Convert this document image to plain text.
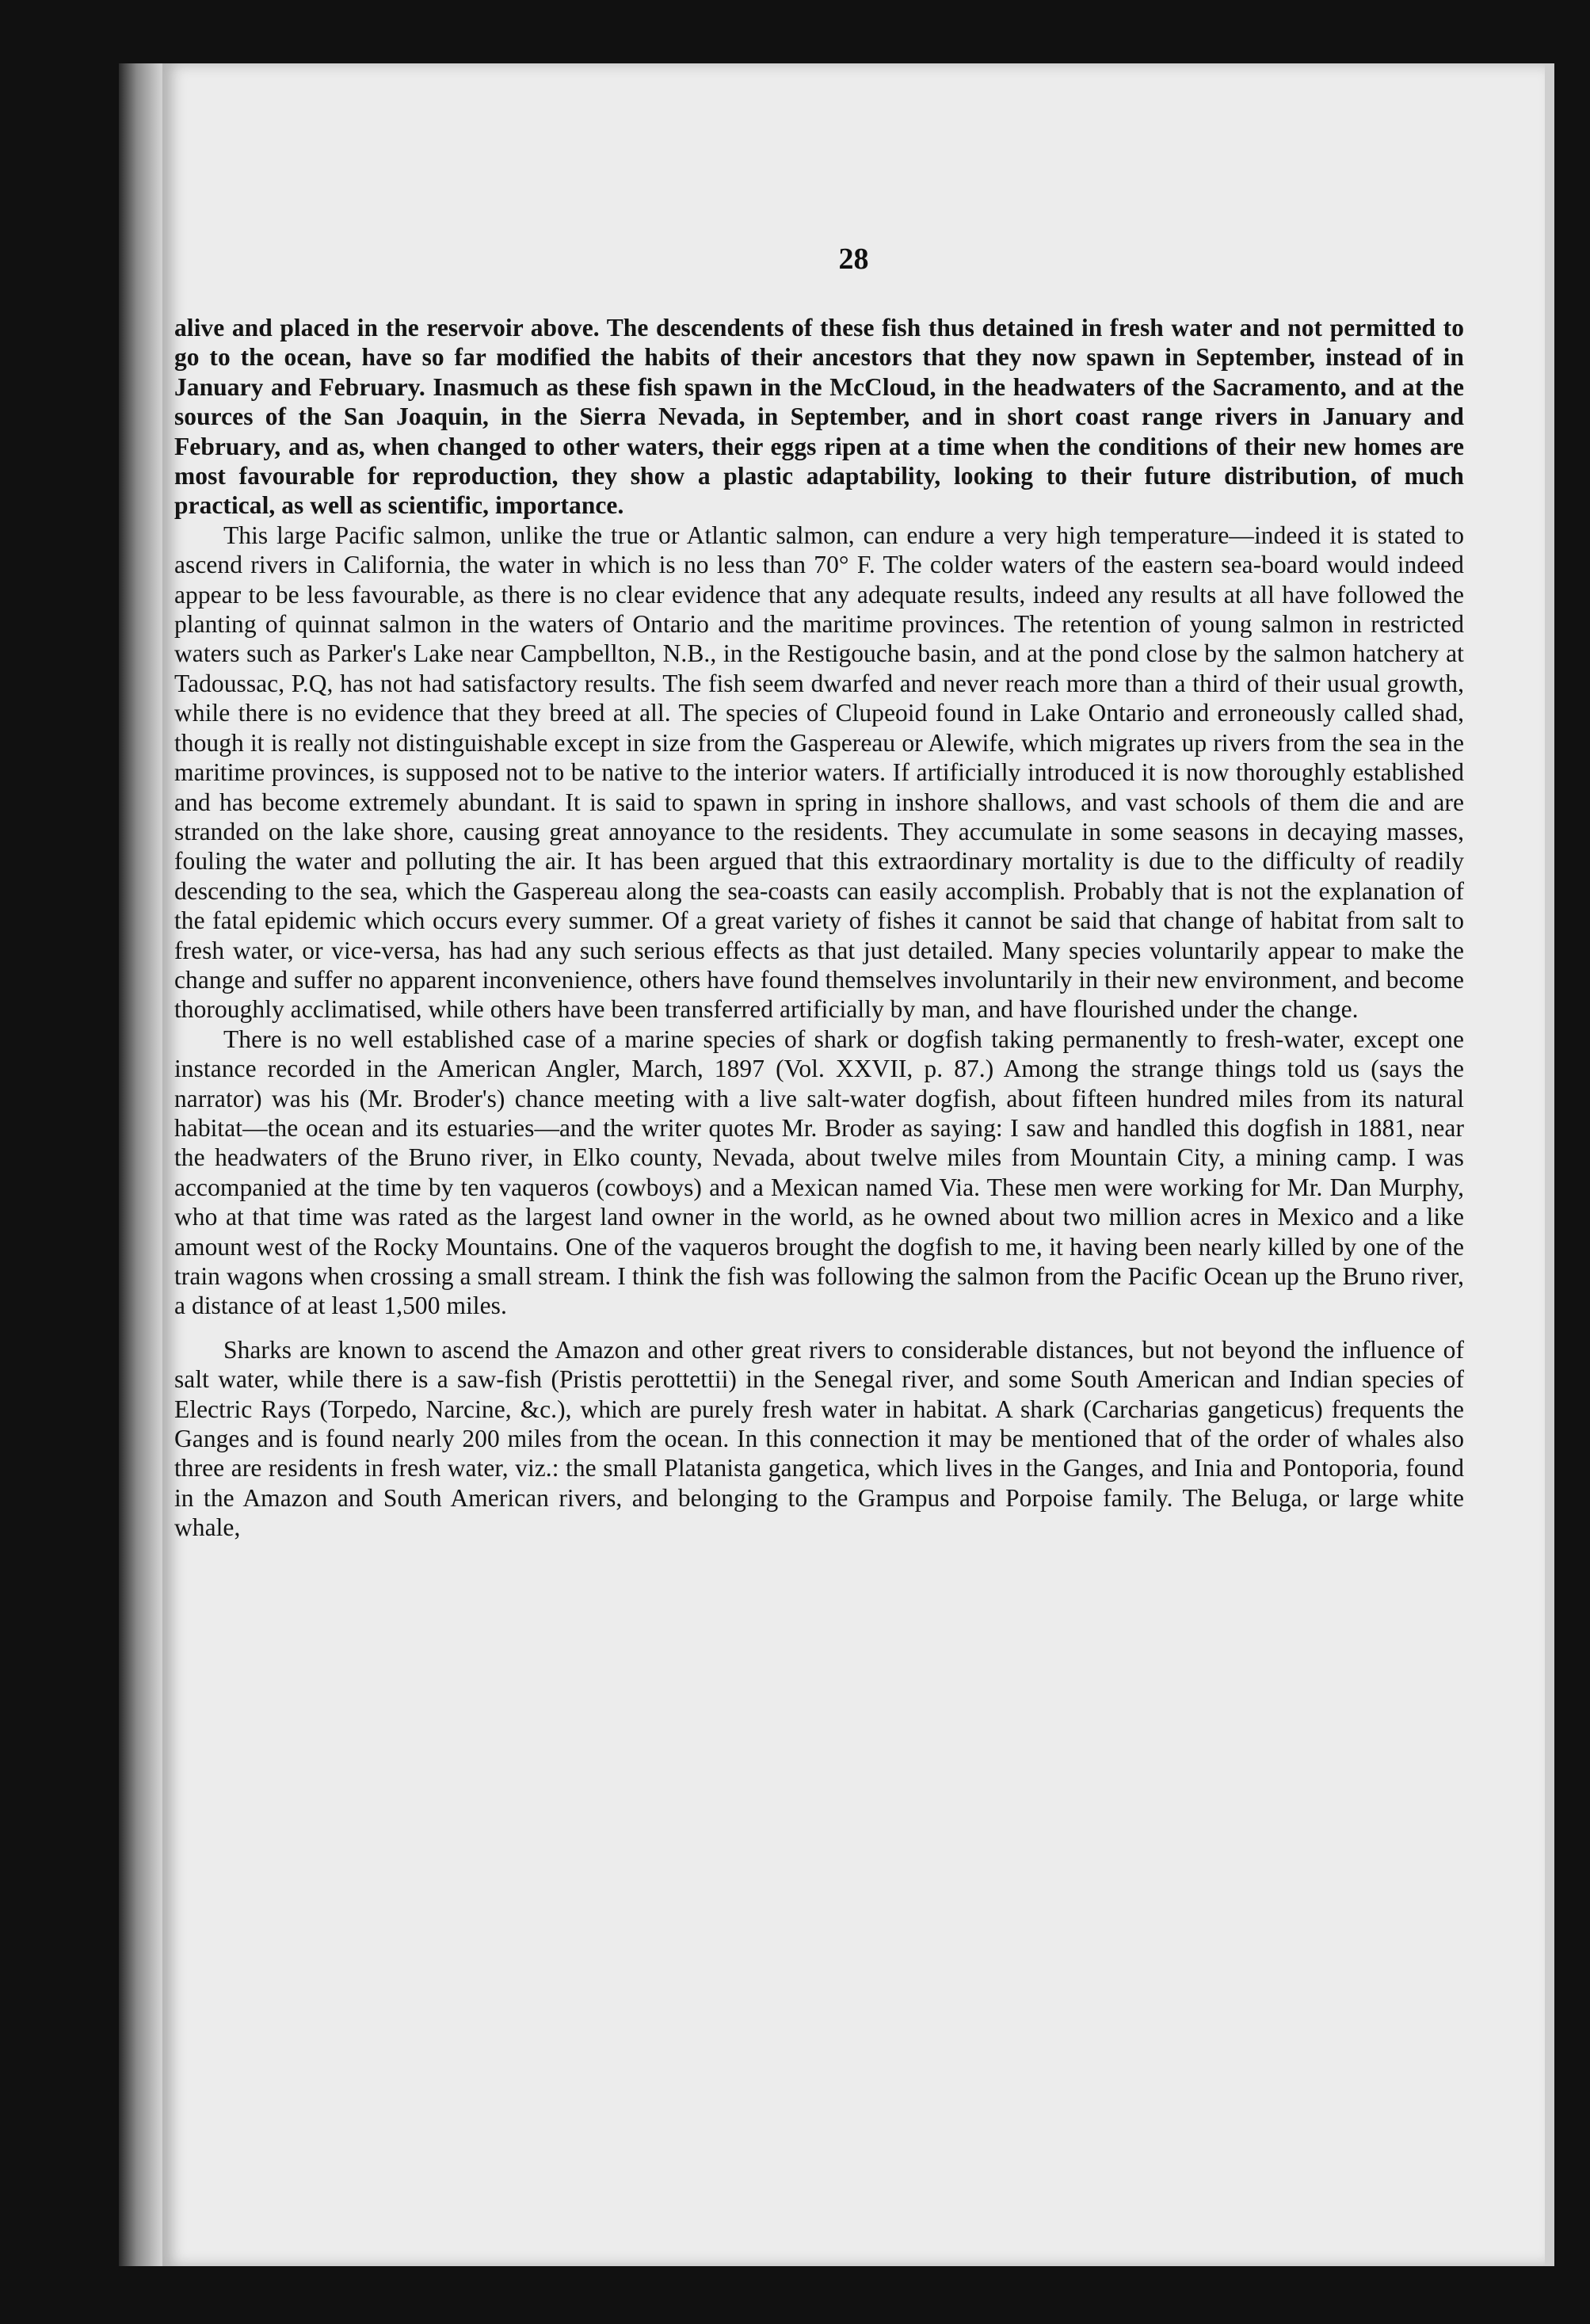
28

alive and placed in the reservoir above. The descendents of these fish thus detained in fresh water and not permitted to go to the ocean, have so far modified the habits of their ancestors that they now spawn in September, instead of in January and February. Inasmuch as these fish spawn in the McCloud, in the headwaters of the Sacramento, and at the sources of the San Joaquin, in the Sierra Nevada, in September, and in short coast range rivers in January and February, and as, when changed to other waters, their eggs ripen at a time when the conditions of their new homes are most favourable for reproduction, they show a plastic adaptability, looking to their future distribution, of much practical, as well as scientific, importance.

This large Pacific salmon, unlike the true or Atlantic salmon, can endure a very high temperature—indeed it is stated to ascend rivers in California, the water in which is no less than 70° F. The colder waters of the eastern sea-board would indeed appear to be less favourable, as there is no clear evidence that any adequate results, indeed any results at all have followed the planting of quinnat salmon in the waters of Ontario and the maritime provinces. The retention of young salmon in restricted waters such as Parker's Lake near Campbellton, N.B., in the Restigouche basin, and at the pond close by the salmon hatchery at Tadoussac, P.Q, has not had satisfactory results. The fish seem dwarfed and never reach more than a third of their usual growth, while there is no evidence that they breed at all. The species of Clupeoid found in Lake Ontario and erroneously called shad, though it is really not distinguishable except in size from the Gaspereau or Alewife, which migrates up rivers from the sea in the maritime provinces, is supposed not to be native to the interior waters. If artificially introduced it is now thoroughly established and has become extremely abundant. It is said to spawn in spring in inshore shallows, and vast schools of them die and are stranded on the lake shore, causing great annoyance to the residents. They accumulate in some seasons in decaying masses, fouling the water and polluting the air. It has been argued that this extraordinary mortality is due to the difficulty of readily descending to the sea, which the Gaspereau along the sea-coasts can easily accomplish. Probably that is not the explanation of the fatal epidemic which occurs every summer. Of a great variety of fishes it cannot be said that change of habitat from salt to fresh water, or vice-versa, has had any such serious effects as that just detailed. Many species voluntarily appear to make the change and suffer no apparent inconvenience, others have found themselves involuntarily in their new environment, and become thoroughly acclimatised, while others have been transferred artificially by man, and have flourished under the change.

There is no well established case of a marine species of shark or dogfish taking permanently to fresh-water, except one instance recorded in the American Angler, March, 1897 (Vol. XXVII, p. 87.) Among the strange things told us (says the narrator) was his (Mr. Broder's) chance meeting with a live salt-water dogfish, about fifteen hundred miles from its natural habitat—the ocean and its estuaries—and the writer quotes Mr. Broder as saying: I saw and handled this dogfish in 1881, near the headwaters of the Bruno river, in Elko county, Nevada, about twelve miles from Mountain City, a mining camp. I was accompanied at the time by ten vaqueros (cowboys) and a Mexican named Via. These men were working for Mr. Dan Murphy, who at that time was rated as the largest land owner in the world, as he owned about two million acres in Mexico and a like amount west of the Rocky Mountains. One of the vaqueros brought the dogfish to me, it having been nearly killed by one of the train wagons when crossing a small stream. I think the fish was following the salmon from the Pacific Ocean up the Bruno river, a distance of at least 1,500 miles.

Sharks are known to ascend the Amazon and other great rivers to considerable distances, but not beyond the influence of salt water, while there is a saw-fish (Pristis perottettii) in the Senegal river, and some South American and Indian species of Electric Rays (Torpedo, Narcine, &c.), which are purely fresh water in habitat. A shark (Carcharias gangeticus) frequents the Ganges and is found nearly 200 miles from the ocean. In this connection it may be mentioned that of the order of whales also three are residents in fresh water, viz.: the small Platanista gangetica, which lives in the Ganges, and Inia and Pontoporia, found in the Amazon and South American rivers, and belonging to the Grampus and Porpoise family. The Beluga, or large white whale,
